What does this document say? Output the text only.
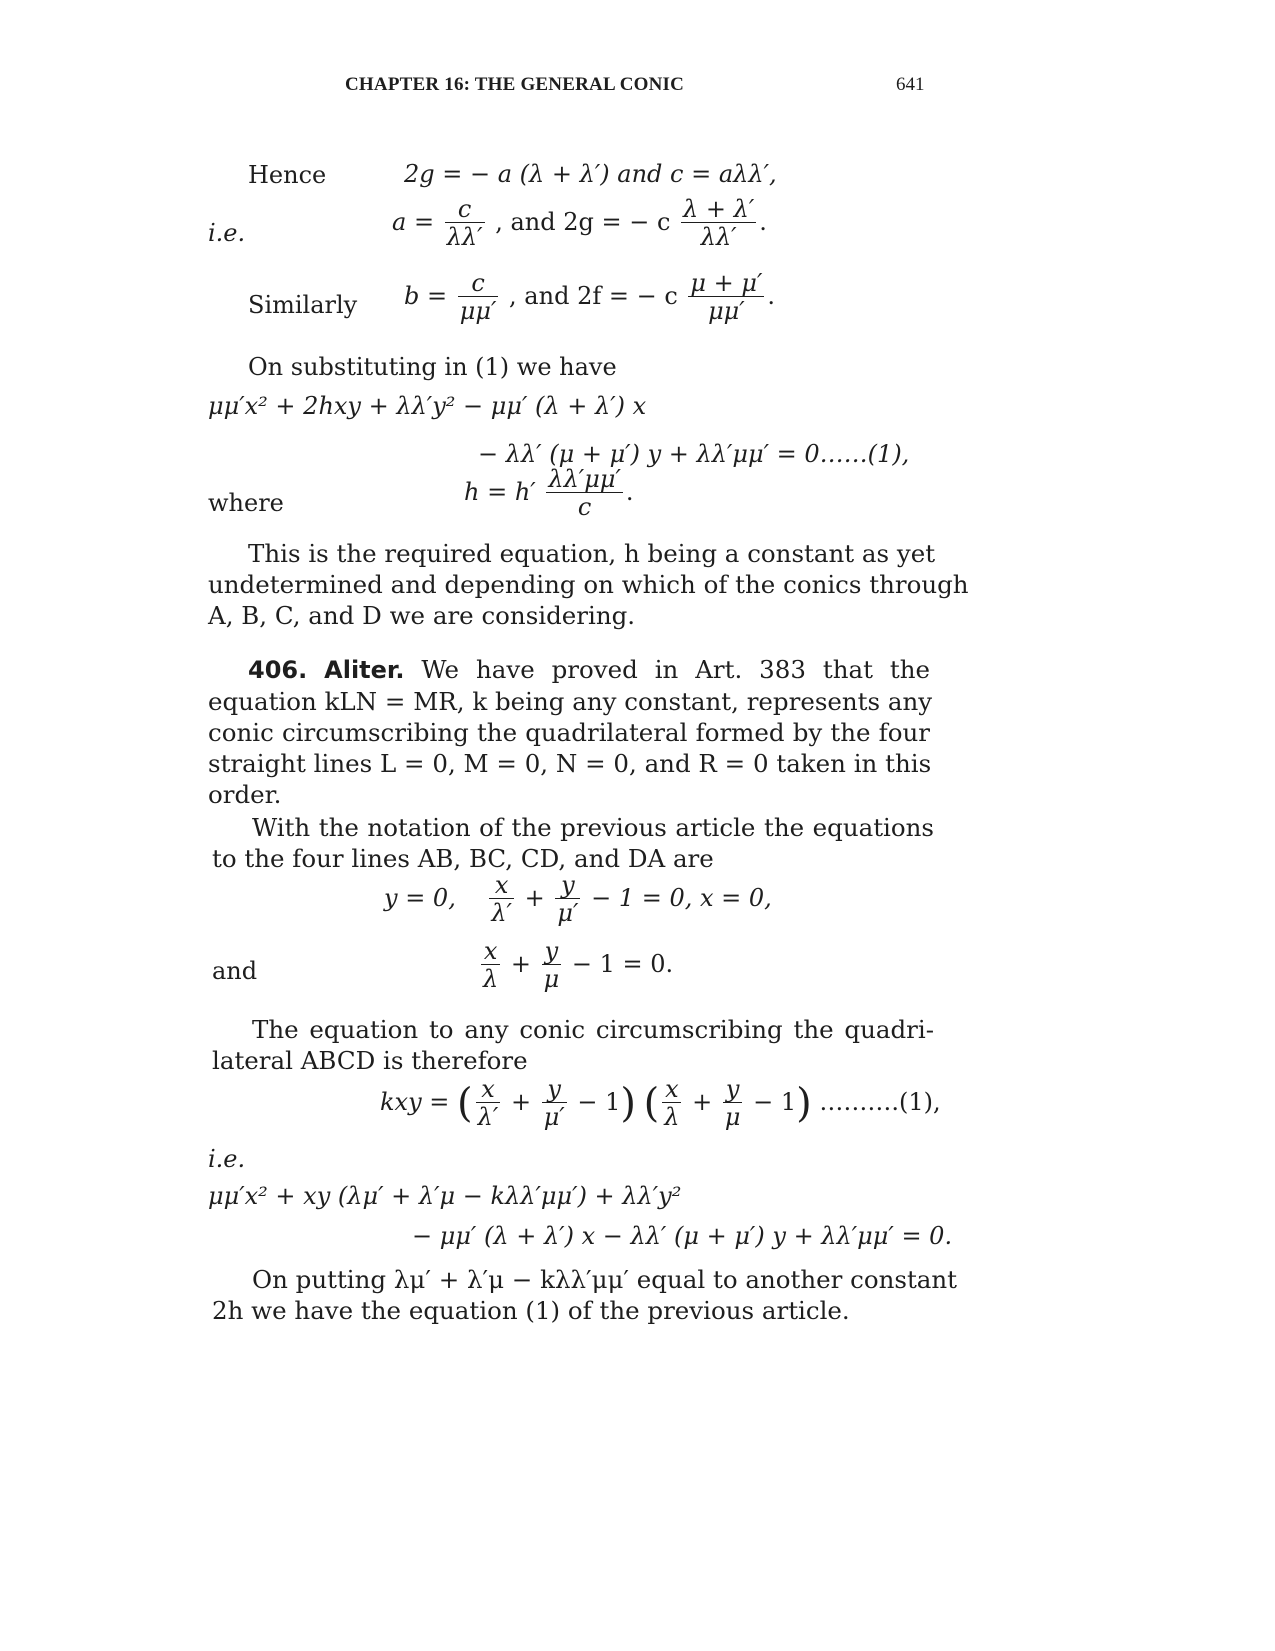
CHAPTER 16: THE GENERAL CONIC	641
Hence	2g = − a (λ + λ′) and c = aλλ′,
i.e.	$a = \frac{c}{\lambda\lambda'}$ , and 2g = − c $\frac{\lambda + \lambda'}{\lambda\lambda'}$ .
Similarly $b = \frac{c}{\mu\mu'}$ , and 2f = − c $\frac{\mu + \mu'}{\mu\mu'}$ .
On substituting in (1) we have
μμ′x² + 2hxy + λλ′y² − μμ′ (λ + λ′) x
− λλ′ (μ + μ′) y + λλ′μμ′ = 0……(1),
where	$h = h' \frac{\lambda\lambda'\mu\mu'}{c}$ .
This is the required equation, h being a constant as yet
undetermined and depending on which of the conics through
A, B, C, and D we are considering.
406. Aliter. We have proved in Art. 383 that the
equation kLN = MR, k being any constant, represents any
conic circumscribing the quadrilateral formed by the four
straight lines L = 0, M = 0, N = 0, and R = 0 taken in this
order.
With the notation of the previous article the equations
to the four lines AB, BC, CD, and DA are
y = 0, $\frac{x}{\lambda'} + \frac{y}{\mu'} - 1 = 0$, x = 0,
and	$\frac{x}{\lambda} + \frac{y}{\mu} - 1 = 0$.
The equation to any conic circumscribing the quadri-
lateral ABCD is therefore
kxy = ( $\frac{x}{\lambda'} + \frac{y}{\mu'} - 1$) ( $\frac{x}{\lambda} + \frac{y}{\mu} - 1$) ……….(1),
i.e.
μμ′x² + xy (λμ′ + λ′μ − kλλ′μμ′) + λλ′y²
− μμ′ (λ + λ′) x − λλ′ (μ + μ′) y + λλ′μμ′ = 0.
On putting λμ′ + λ′μ − kλλ′μμ′ equal to another constant
2h we have the equation (1) of the previous article.
